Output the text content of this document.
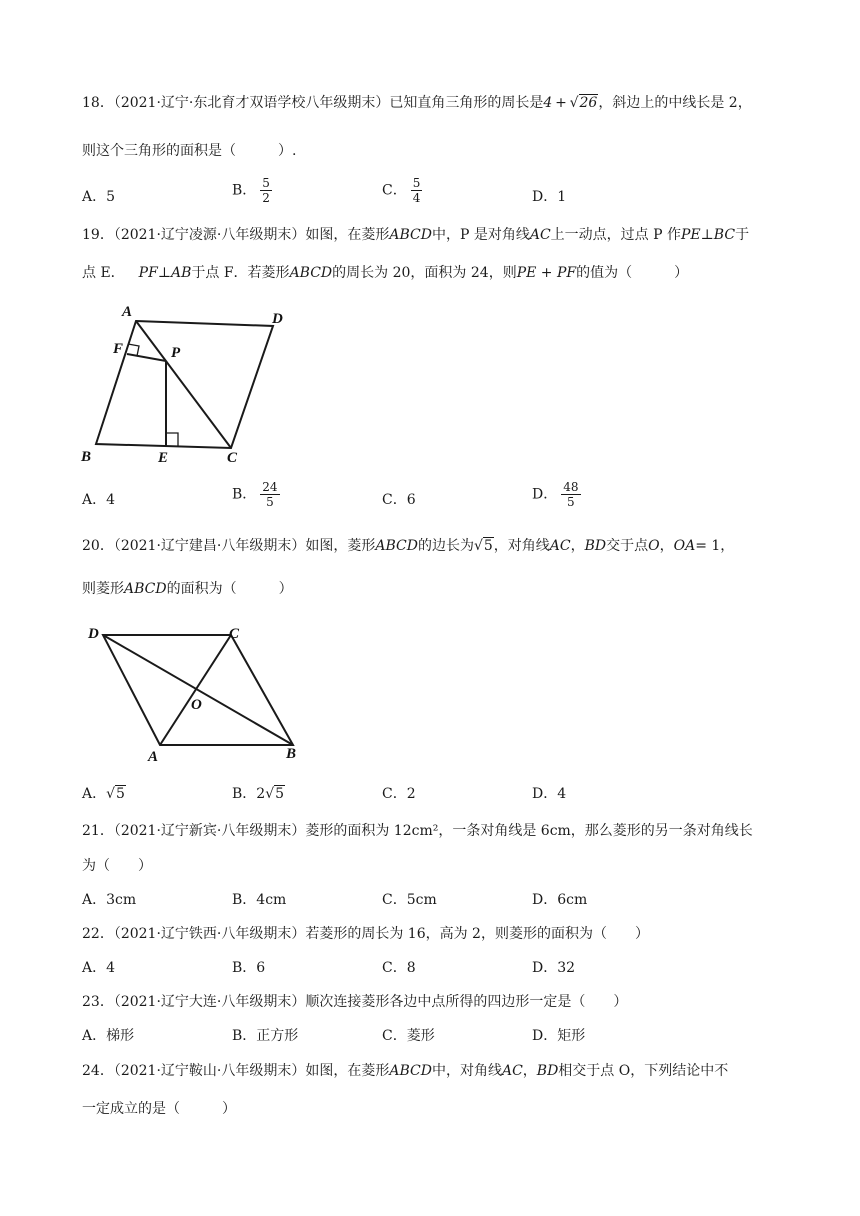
18．（2021·辽宁·东北育才双语学校八年级期末）已知直角三角形的周长是4  +  √26，斜边上的中线长是 2，
则这个三角形的面积是（　　　）.
A．5	B． $\frac{5}{2}$	C． $\frac{5}{4}$	D．1
19．（2021·辽宁凌源·八年级期末）如图，在菱形ABCD中，P 是对角线AC上一动点，过点 P 作PE⊥BC于
点 E．  PF⊥AB于点 F．若菱形ABCD的周长为 20，面积为 24，则PE + PF的值为（　　　）
A	D
F	P
B	E	C
A．4	B． $\frac{24}{5}$	C．6	D． $\frac{48}{5}$
20．（2021·辽宁建昌·八年级期末）如图，菱形ABCD的边长为√5，对角线AC，BD交于点O，OA= 1，
则菱形ABCD的面积为（　　　）
D	C
O
A	B
A．√5	B．2√5	C．2	D．4
21．（2021·辽宁新宾·八年级期末）菱形的面积为 12cm²，一条对角线是 6cm，那么菱形的另一条对角线长
为（　　）
A．3cm	B．4cm	C．5cm	D．6cm
22．（2021·辽宁铁西·八年级期末）若菱形的周长为 16，高为 2，则菱形的面积为（　　）
A．4	B．6	C．8	D．32
23．（2021·辽宁大连·八年级期末）顺次连接菱形各边中点所得的四边形一定是（　　）
A．梯形	B．正方形	C．菱形	D．矩形
24．（2021·辽宁鞍山·八年级期末）如图，在菱形ABCD中，对角线AC，BD相交于点 O，下列结论中不
一定成立的是（　　　）
